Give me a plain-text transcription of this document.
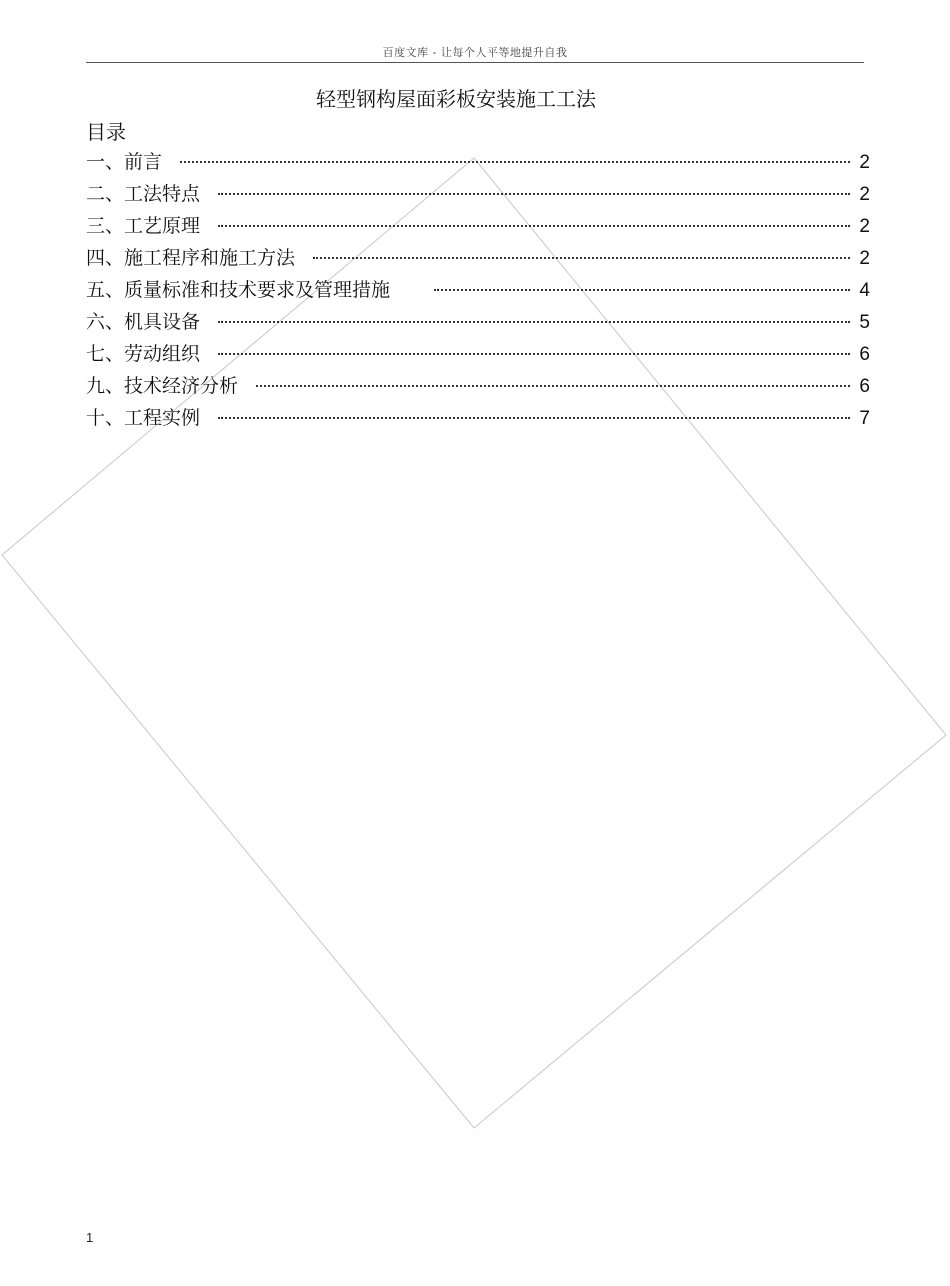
百度文库 - 让每个人平等地提升自我
轻型钢构屋面彩板安装施工工法
目录
一、前言	2
二、工法特点	2
三、工艺原理	2
四、施工程序和施工方法	2
五、质量标准和技术要求及管理措施	4
六、机具设备	5
七、劳动组织	6
九、技术经济分析	6
十、工程实例	7
1
